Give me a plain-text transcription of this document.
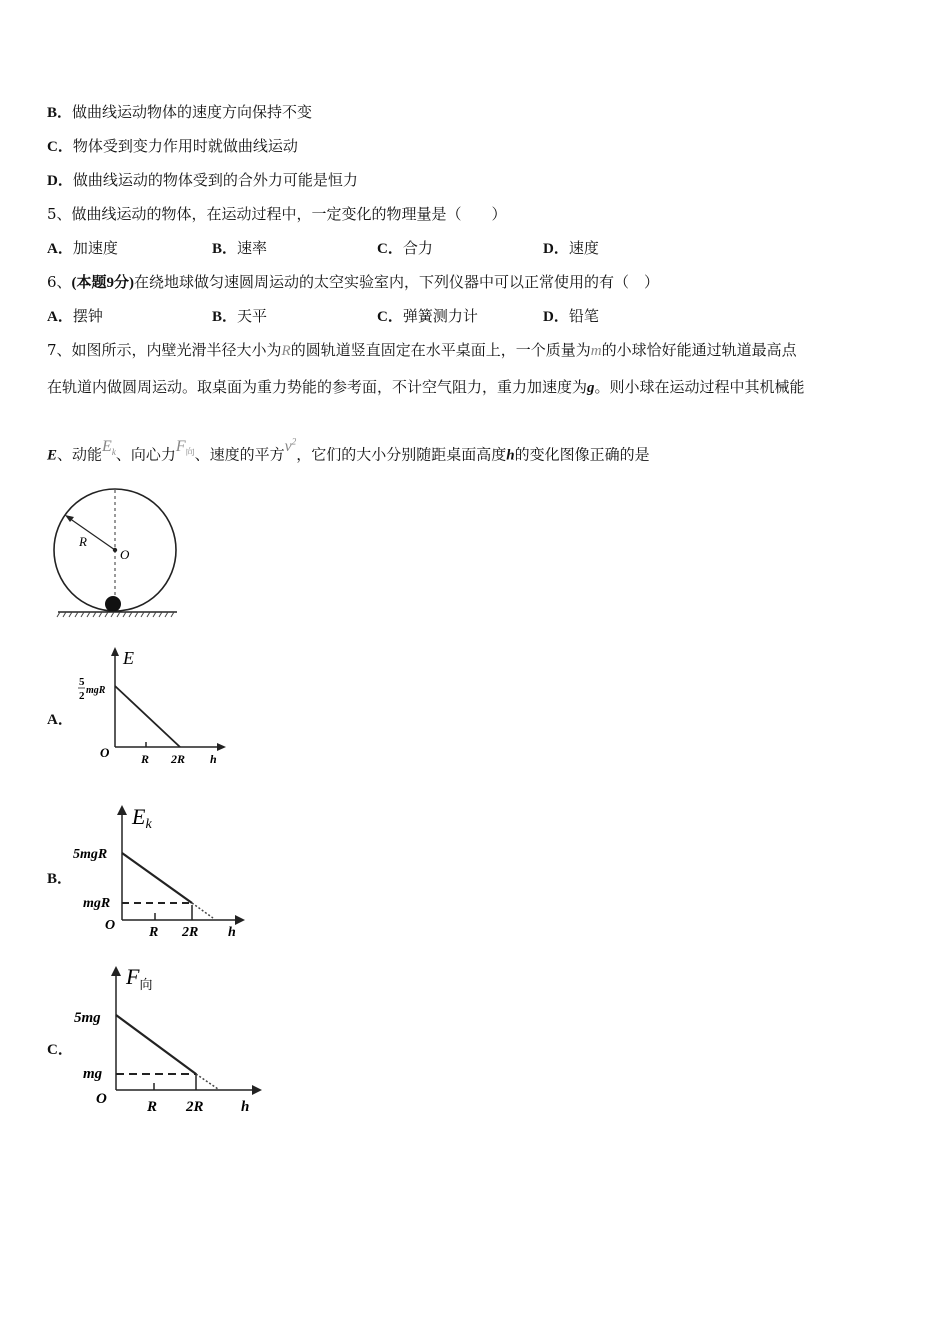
B．做曲线运动物体的速度方向保持不变
C．物体受到变力作用时就做曲线运动
D．做曲线运动的物体受到的合外力可能是恒力
5、做曲线运动的物体，在运动过程中，一定变化的物理量是（　　）
A．加速度	B．速率	C．合力	D．速度
6、(本题9分)在绕地球做匀速圆周运动的太空实验室内，下列仪器中可以正常使用的有（　）
A．摆钟	B．天平	C．弹簧测力计	D．铅笔
7、如图所示，内壁光滑半径大小为R的圆轨道竖直固定在水平桌面上，一个质量为m的小球恰好能通过轨道最高点
在轨道内做圆周运动。取桌面为重力势能的参考面，不计空气阻力，重力加速度为g。则小球在运动过程中其机械能
E、动能$E_k$、向心力$F_向$、速度的平方$v^2$，它们的大小分别随距桌面高度h的变化图像正确的是
R
O
A．
E
5
2 mgR
O	R 2R h
B．
Ek
5mgR
mgR
O R 2R h
C．
$F_向$
5mg
mg
O	R 2R h
